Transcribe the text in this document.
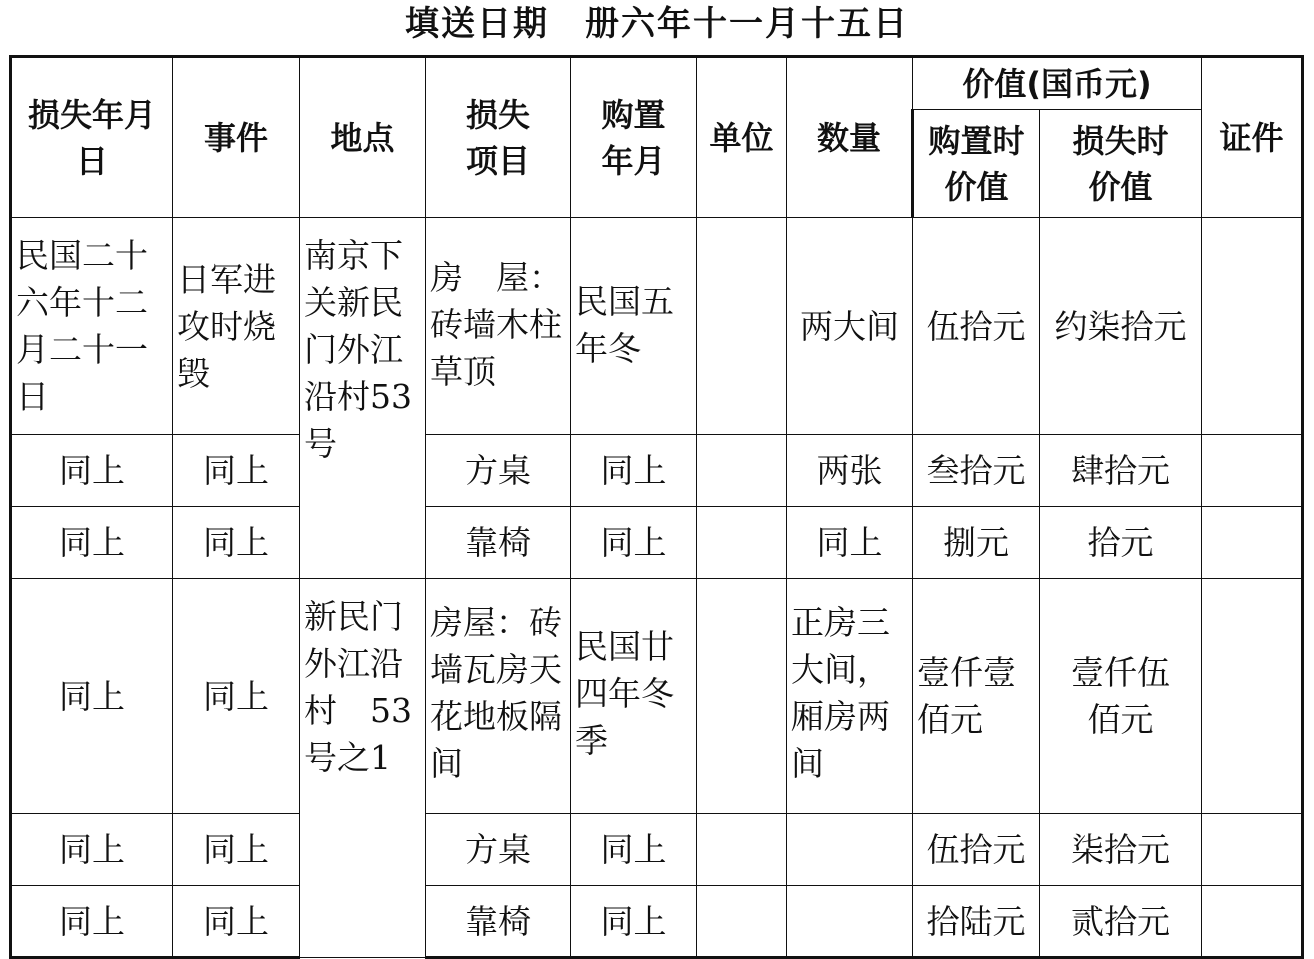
填送日期　册六年十一月十五日
损失年月日	事件	地点	损失项目	购置年月	单位	数量	价值(国币元)		证件
							购置时价值	损失时价值	
民国二十六年十二月二十一日	日军进攻时烧毁	南京下关新民门外江沿村53号	房　屋：砖墙木柱草顶	民国五年冬		两大间	伍拾元	约柒拾元	
同上	同上		方桌	同上		两张	叁拾元	肆拾元	
同上	同上		靠椅	同上		同上	捌元	拾元	
同上	同上	新民门外江沿村　53号之1	房屋：砖墙瓦房天花地板隔间	民国廿四年冬季		正房三大间，厢房两间	壹仟壹佰元	壹仟伍佰元	
同上	同上		方桌	同上			伍拾元	柒拾元	
同上	同上		靠椅	同上			拾陆元	贰拾元	
